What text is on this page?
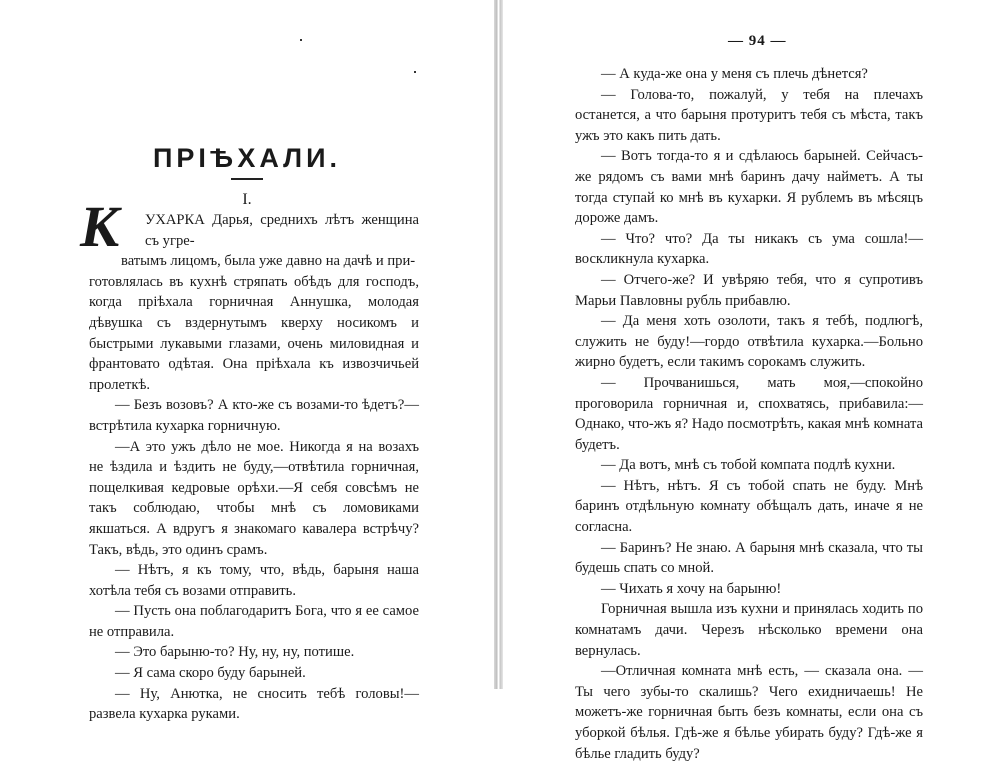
ПРІѢХАЛИ.
I.
К	УХАРКА Дарья, среднихъ лѣтъ женщина съ угре-
ватымъ лицомъ, была уже давно на дачѣ и при-
готовлялась въ кухнѣ стряпать обѣдъ для господъ, когда пріѣхала горничная Аннушка, молодая дѣвушка съ вздернутымъ кверху носикомъ и быстрыми лукавыми глазами, очень миловидная и франтовато одѣтая. Она пріѣхала къ извозчичьей пролеткѣ.

— Безъ возовъ? А кто-же съ возами-то ѣдетъ?— встрѣтила кухарка горничную.

—А это ужъ дѣло не мое. Никогда я на возахъ не ѣздила и ѣздить не буду,—отвѣтила горничная, пощелкивая кедровые орѣхи.—Я себя совсѣмъ не такъ соблюдаю, чтобы мнѣ съ ломовиками якшаться. А вдругъ я знакомаго кавалера встрѣчу? Такъ, вѣдь, это одинъ срамъ.

— Нѣтъ, я къ тому, что, вѣдь, барыня наша хотѣла тебя съ возами отправить.

— Пусть она поблагодаритъ Бога, что я ее самое не отправила.

— Это барыню-то? Ну, ну, ну, потише.

— Я сама скоро буду барыней.

— Ну, Анютка, не сносить тебѣ головы!—развела кухарка руками.

— 94 —

— А куда-же она у меня съ плечь дѣнется?

— Голова-то, пожалуй, у тебя на плечахъ останется, а что барыня протуритъ тебя съ мѣста, такъ ужъ это какъ пить дать.

— Вотъ тогда-то я и сдѣлаюсь барыней. Сейчасъ-же рядомъ съ вами мнѣ баринъ дачу найметъ. А ты тогда ступай ко мнѣ въ кухарки. Я рублемъ въ мѣсяцъ дороже дамъ.

— Что? что? Да ты никакъ съ ума сошла!—воскликнула кухарка.

— Отчего-же? И увѣряю тебя, что я супротивъ Марьи Павловны рубль прибавлю.

— Да меня хоть озолоти, такъ я тебѣ, подлюгѣ, служить не буду!—гордо отвѣтила кухарка.—Больно жирно будетъ, если такимъ сорокамъ служить.

— Прочванишься, мать моя,—спокойно проговорила горничная и, спохватясь, прибавила:—Однако, что-жъ я? Надо посмотрѣть, какая мнѣ комната будетъ.

— Да вотъ, мнѣ съ тобой компата подлѣ кухни.

— Нѣтъ, нѣтъ. Я съ тобой спать не буду. Мнѣ баринъ отдѣльную комнату обѣщалъ дать, иначе я не согласна.

— Баринъ? Не знаю. А барыня мнѣ сказала, что ты будешь спать со мной.

— Чихать я хочу на барыню!

Горничная вышла изъ кухни и принялась ходить по комнатамъ дачи. Черезъ нѣсколько времени она вернулась.

—Отличная комната мнѣ есть, — сказала она. — Ты чего зубы-то скалишь? Чего ехидничаешь! Не можетъ-же горничная быть безъ комнаты, если она съ уборкой бѣлья. Гдѣ-же я бѣлье убирать буду? Гдѣ-же я бѣлье гладить буду?
